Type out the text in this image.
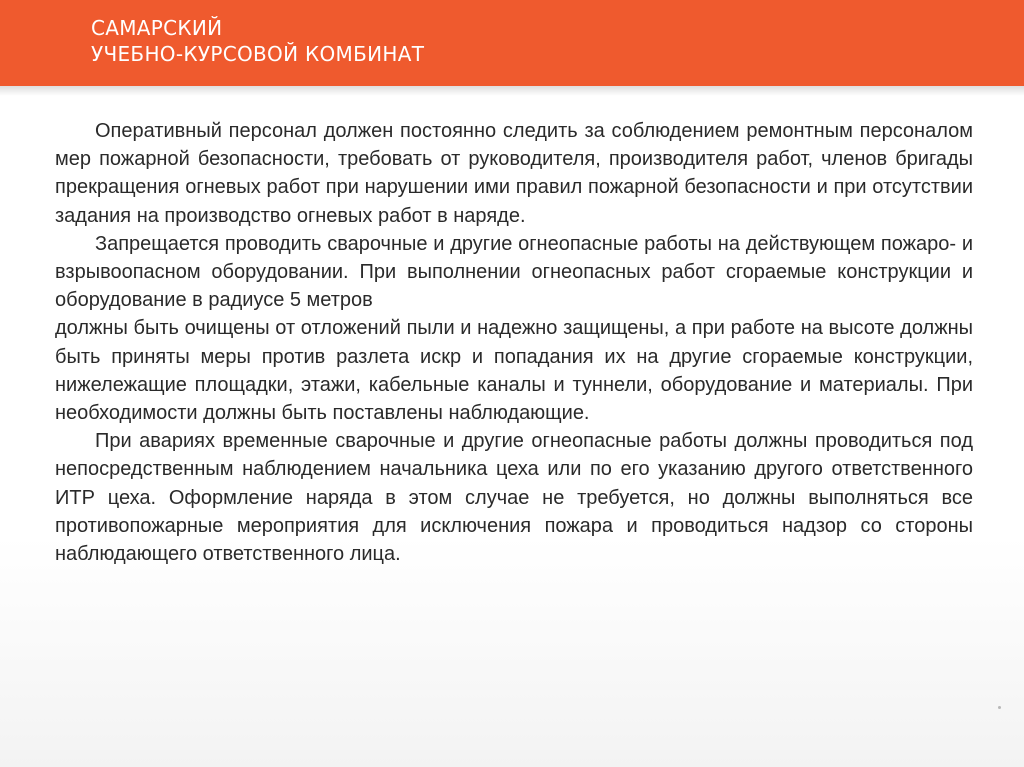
САМАРСКИЙ
УЧЕБНО-КУРСОВОЙ КОМБИНАТ

Оперативный персонал должен постоянно следить за соблюдением ремонтным персоналом мер пожарной безопасности, требовать от руководителя, производителя работ, членов бригады прекращения огневых работ при нарушении ими правил пожарной безопасности и при отсутствии задания на производство огневых работ в наряде.

Запрещается проводить сварочные и другие огнеопасные работы на действующем пожаро- и взрывоопасном оборудовании. При выполнении огнеопасных работ сгораемые конструкции и оборудование в радиусе 5 метров

должны быть очищены от отложений пыли и надежно защищены, а при работе на высоте должны быть приняты меры против разлета искр и попадания их на другие сгораемые конструкции, нижележащие площадки, этажи, кабельные каналы и туннели, оборудование и материалы. При необходимости должны быть поставлены наблюдающие.

При авариях временные сварочные и другие огнеопасные работы должны проводиться под непосредственным наблюдением начальника цеха или по его указанию другого ответственного ИТР цеха. Оформление наряда в этом случае не требуется, но должны выполняться все противопожарные мероприятия для исключения пожара и проводиться надзор со стороны наблюдающего ответственного лица.
